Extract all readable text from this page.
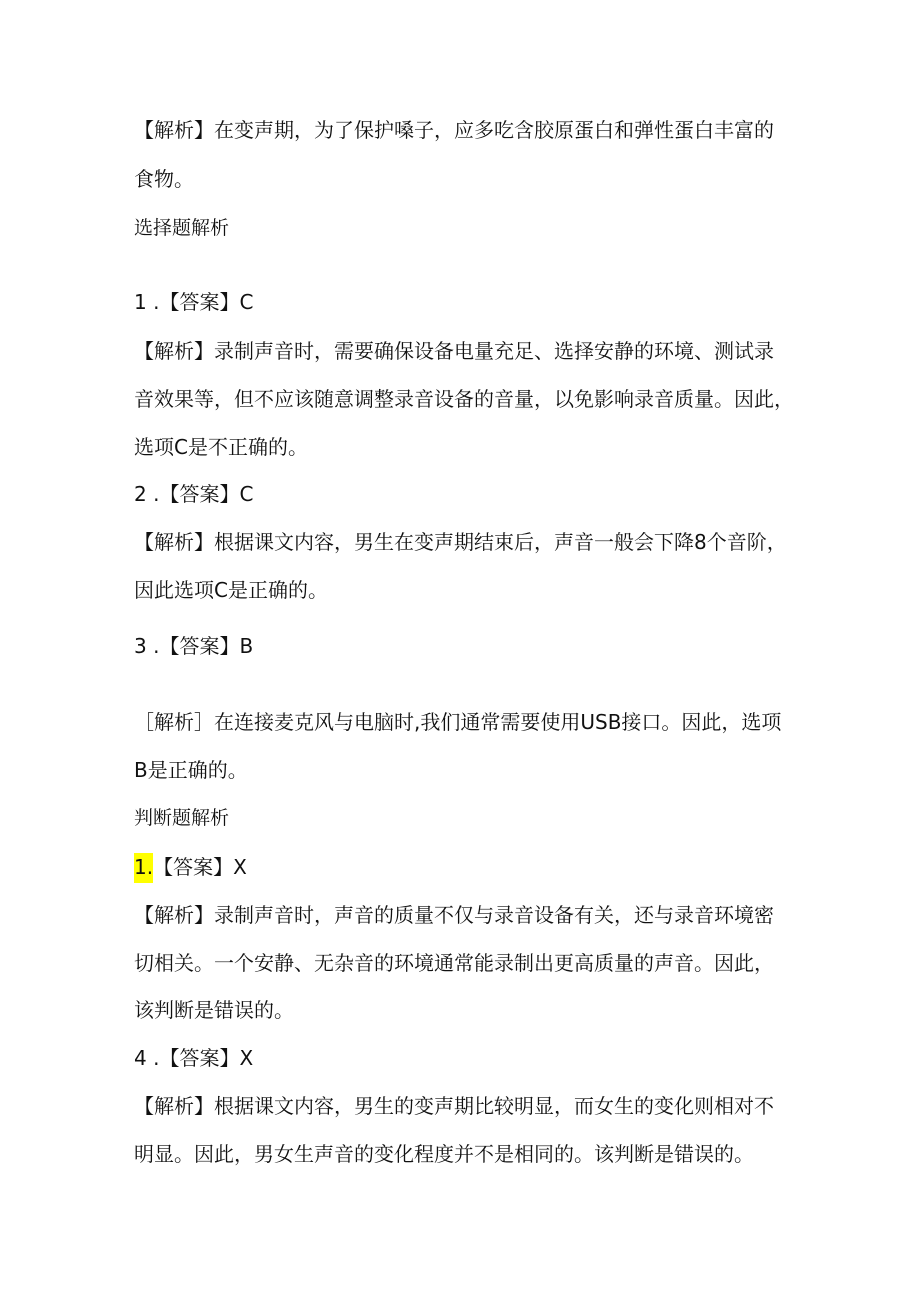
【解析】在变声期，为了保护嗓子，应多吃含胶原蛋白和弹性蛋白丰富的
食物。
选择题解析
1 .【答案】C
【解析】录制声音时，需要确保设备电量充足、选择安静的环境、测试录
音效果等，但不应该随意调整录音设备的音量，以免影响录音质量。因此，
选项C是不正确的。
2 .【答案】C
【解析】根据课文内容，男生在变声期结束后，声音一般会下降8个音阶，
因此选项C是正确的。
3 .【答案】B
［解析］在连接麦克风与电脑时,我们通常需要使用USB接口。因此，选项
B是正确的。
判断题解析
1.【答案】X
【解析】录制声音时，声音的质量不仅与录音设备有关，还与录音环境密
切相关。一个安静、无杂音的环境通常能录制出更高质量的声音。因此，
该判断是错误的。
4 .【答案】X
【解析】根据课文内容，男生的变声期比较明显，而女生的变化则相对不
明显。因此，男女生声音的变化程度并不是相同的。该判断是错误的。
